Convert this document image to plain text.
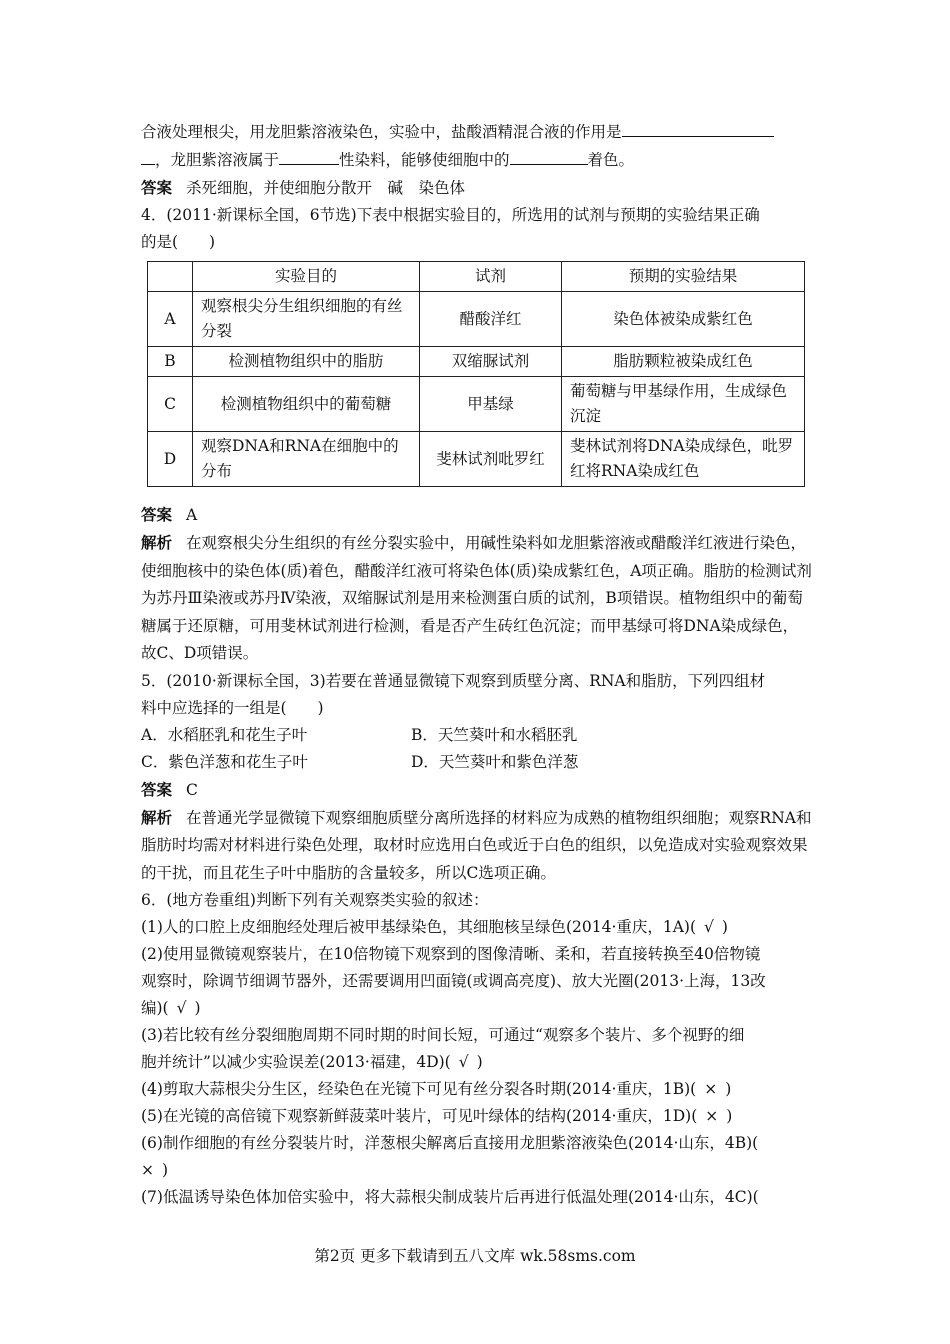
合液处理根尖，用龙胆紫溶液染色，实验中，盐酸酒精混合液的作用是
，龙胆紫溶液属于	性染料，能够使细胞中的	着色。
答案 杀死细胞，并使细胞分散开　碱　染色体
4．(2011·新课标全国，6节选)下表中根据实验目的，所选用的试剂与预期的实验结果正确
的是(　　)
	实验目的	试剂	预期的实验结果
A	观察根尖分生组织细胞的有丝分裂	醋酸洋红	染色体被染成紫红色
B	检测植物组织中的脂肪	双缩脲试剂	脂肪颗粒被染成红色
C	检测植物组织中的葡萄糖	甲基绿	葡萄糖与甲基绿作用，生成绿色沉淀
D	观察DNA和RNA在细胞中的分布	斐林试剂吡罗红	斐林试剂将DNA染成绿色，吡罗红将RNA染成红色
答案 A
解析 在观察根尖分生组织的有丝分裂实验中，用碱性染料如龙胆紫溶液或醋酸洋红液进行染色，使细胞核中的染色体(质)着色，醋酸洋红液可将染色体(质)染成紫红色，A项正确。脂肪的检测试剂为苏丹Ⅲ染液或苏丹Ⅳ染液，双缩脲试剂是用来检测蛋白质的试剂，B项错误。植物组织中的葡萄糖属于还原糖，可用斐林试剂进行检测，看是否产生砖红色沉淀；而甲基绿可将DNA染成绿色，故C、D项错误。
5．(2010·新课标全国，3)若要在普通显微镜下观察到质壁分离、RNA和脂肪，下列四组材
料中应选择的一组是(　　)
A．水稻胚乳和花生子叶	B．天竺葵叶和水稻胚乳
C．紫色洋葱和花生子叶	D．天竺葵叶和紫色洋葱
答案 C
解析 在普通光学显微镜下观察细胞质壁分离所选择的材料应为成熟的植物组织细胞；观察RNA和脂肪时均需对材料进行染色处理，取材时应选用白色或近于白色的组织，以免造成对实验观察效果的干扰，而且花生子叶中脂肪的含量较多，所以C选项正确。
6．(地方卷重组)判断下列有关观察类实验的叙述：
(1)人的口腔上皮细胞经处理后被甲基绿染色，其细胞核呈绿色(2014·重庆，1A)( √ )
(2)使用显微镜观察装片，在10倍物镜下观察到的图像清晰、柔和，若直接转换至40倍物镜
观察时，除调节细调节器外，还需要调用凹面镜(或调高亮度)、放大光圈(2013·上海，13改
编)( √ )
(3)若比较有丝分裂细胞周期不同时期的时间长短，可通过“观察多个装片、多个视野的细
胞并统计”以减少实验误差(2013·福建，4D)( √ )
(4)剪取大蒜根尖分生区，经染色在光镜下可见有丝分裂各时期(2014·重庆，1B)( × )
(5)在光镜的高倍镜下观察新鲜菠菜叶装片，可见叶绿体的结构(2014·重庆，1D)( × )
(6)制作细胞的有丝分裂装片时，洋葱根尖解离后直接用龙胆紫溶液染色(2014·山东，4B)(
× )
(7)低温诱导染色体加倍实验中，将大蒜根尖制成装片后再进行低温处理(2014·山东，4C)(
第2页 更多下载请到五八文库 wk.58sms.com
